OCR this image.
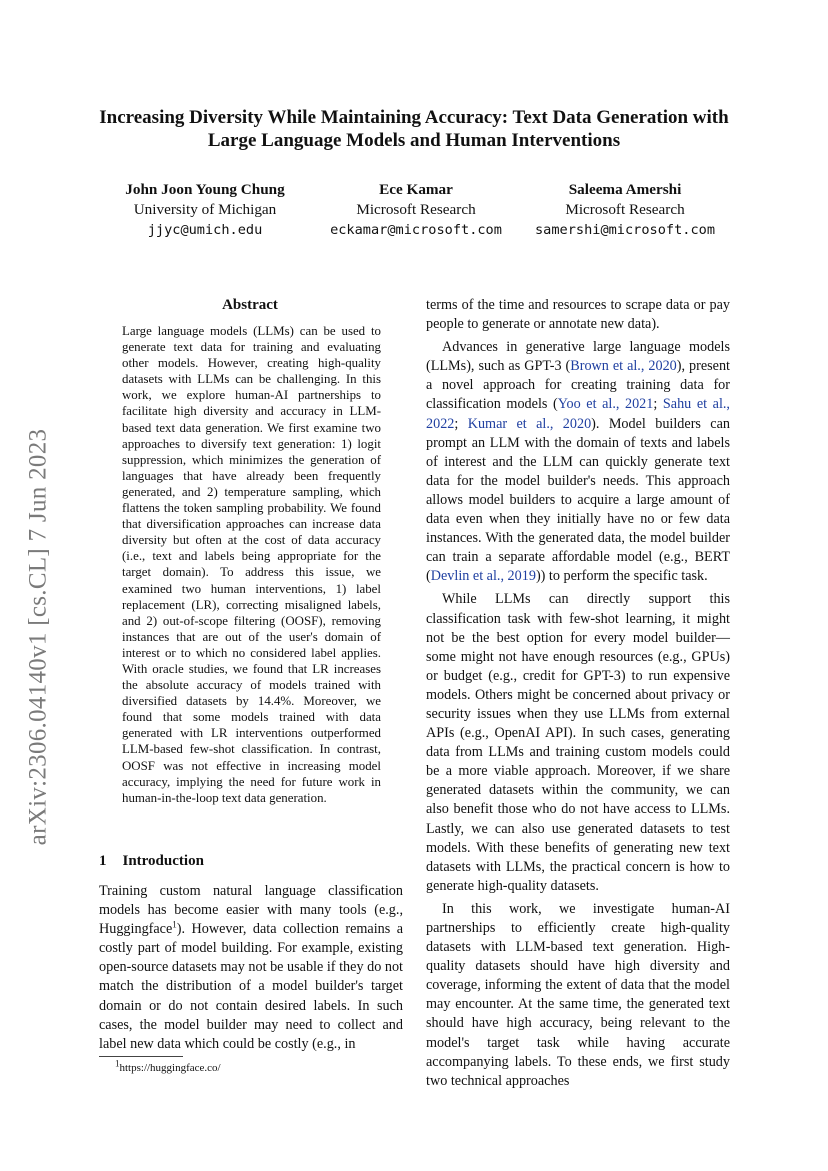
arXiv:2306.04140v1 [cs.CL] 7 Jun 2023
Increasing Diversity While Maintaining Accuracy: Text Data Generation with Large Language Models and Human Interventions
John Joon Young Chung
University of Michigan
jjyc@umich.edu
Ece Kamar
Microsoft Research
eckamar@microsoft.com
Saleema Amershi
Microsoft Research
samershi@microsoft.com
Abstract
Large language models (LLMs) can be used to generate text data for training and evaluating other models. However, creating high-quality datasets with LLMs can be challenging. In this work, we explore human-AI partnerships to facilitate high diversity and accuracy in LLM-based text data generation. We first examine two approaches to diversify text generation: 1) logit suppression, which minimizes the generation of languages that have already been frequently generated, and 2) temperature sampling, which flattens the token sampling probability. We found that diversification approaches can increase data diversity but often at the cost of data accuracy (i.e., text and labels being appropriate for the target domain). To address this issue, we examined two human interventions, 1) label replacement (LR), correcting misaligned labels, and 2) out-of-scope filtering (OOSF), removing instances that are out of the user's domain of interest or to which no considered label applies. With oracle studies, we found that LR increases the absolute accuracy of models trained with diversified datasets by 14.4%. Moreover, we found that some models trained with data generated with LR interventions outperformed LLM-based few-shot classification. In contrast, OOSF was not effective in increasing model accuracy, implying the need for future work in human-in-the-loop text data generation.
1 Introduction
Training custom natural language classification models has become easier with many tools (e.g., Huggingface$^1$). However, data collection remains a costly part of model building. For example, existing open-source datasets may not be usable if they do not match the distribution of a model builder's target domain or do not contain desired labels. In such cases, the model builder may need to collect and label new data which could be costly (e.g., in
$^1$https://huggingface.co/

terms of the time and resources to scrape data or pay people to generate or annotate new data).

Advances in generative large language models (LLMs), such as GPT-3 (Brown et al., 2020), present a novel approach for creating training data for classification models (Yoo et al., 2021; Sahu et al., 2022; Kumar et al., 2020). Model builders can prompt an LLM with the domain of texts and labels of interest and the LLM can quickly generate text data for the model builder's needs. This approach allows model builders to acquire a large amount of data even when they initially have no or few data instances. With the generated data, the model builder can train a separate affordable model (e.g., BERT (Devlin et al., 2019)) to perform the specific task.

While LLMs can directly support this classification task with few-shot learning, it might not be the best option for every model builder—some might not have enough resources (e.g., GPUs) or budget (e.g., credit for GPT-3) to run expensive models. Others might be concerned about privacy or security issues when they use LLMs from external APIs (e.g., OpenAI API). In such cases, generating data from LLMs and training custom models could be a more viable approach. Moreover, if we share generated datasets within the community, we can also benefit those who do not have access to LLMs. Lastly, we can also use generated datasets to test models. With these benefits of generating new text datasets with LLMs, the practical concern is how to generate high-quality datasets.

In this work, we investigate human-AI partnerships to efficiently create high-quality datasets with LLM-based text generation. High-quality datasets should have high diversity and coverage, informing the extent of data that the model may encounter. At the same time, the generated text should have high accuracy, being relevant to the model's target task while having accurate accompanying labels. To these ends, we first study two technical approaches
